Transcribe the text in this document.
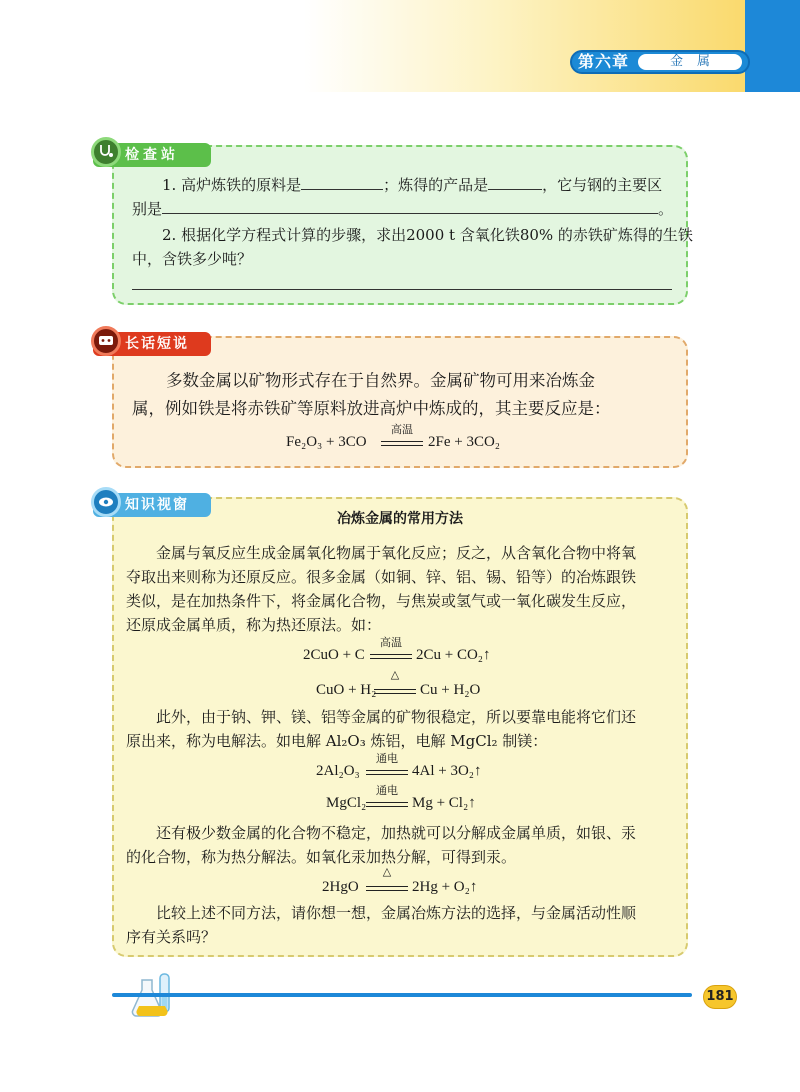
第六章	金属
检查站
1. 高炉炼铁的原料是	；炼得的产品是	，它与钢的主要区
别是	。
2. 根据化学方程式计算的步骤，求出2000 t 含氧化铁80% 的赤铁矿炼得的生铁
中，含铁多少吨？
长话短说
多数金属以矿物形式存在于自然界。金属矿物可用来冶炼金
属，例如铁是将赤铁矿等原料放进高炉中炼成的，其主要反应是：
Fe₂O₃ + 3CO
高温
2Fe + 3CO₂
知识视窗
冶炼金属的常用方法
金属与氧反应生成金属氧化物属于氧化反应；反之，从含氧化合物中将氧
夺取出来则称为还原反应。很多金属（如铜、锌、铝、锡、铅等）的冶炼跟铁
类似，是在加热条件下，将金属化合物，与焦炭或氢气或一氧化碳发生反应，
还原成金属单质，称为热还原法。如：
2CuO + C
高温
2Cu + CO₂↑
CuO + H₂
△
Cu + H₂O
此外，由于钠、钾、镁、铝等金属的矿物很稳定，所以要靠电能将它们还
原出来，称为电解法。如电解 Al₂O₃ 炼铝，电解 MgCl₂ 制镁：
2Al₂O₃
通电
4Al + 3O₂↑
MgCl₂
通电
Mg + Cl₂↑
还有极少数金属的化合物不稳定，加热就可以分解成金属单质，如银、汞
的化合物，称为热分解法。如氧化汞加热分解，可得到汞。
2HgO
△
2Hg + O₂↑
比较上述不同方法，请你想一想，金属冶炼方法的选择，与金属活动性顺
序有关系吗？
181
